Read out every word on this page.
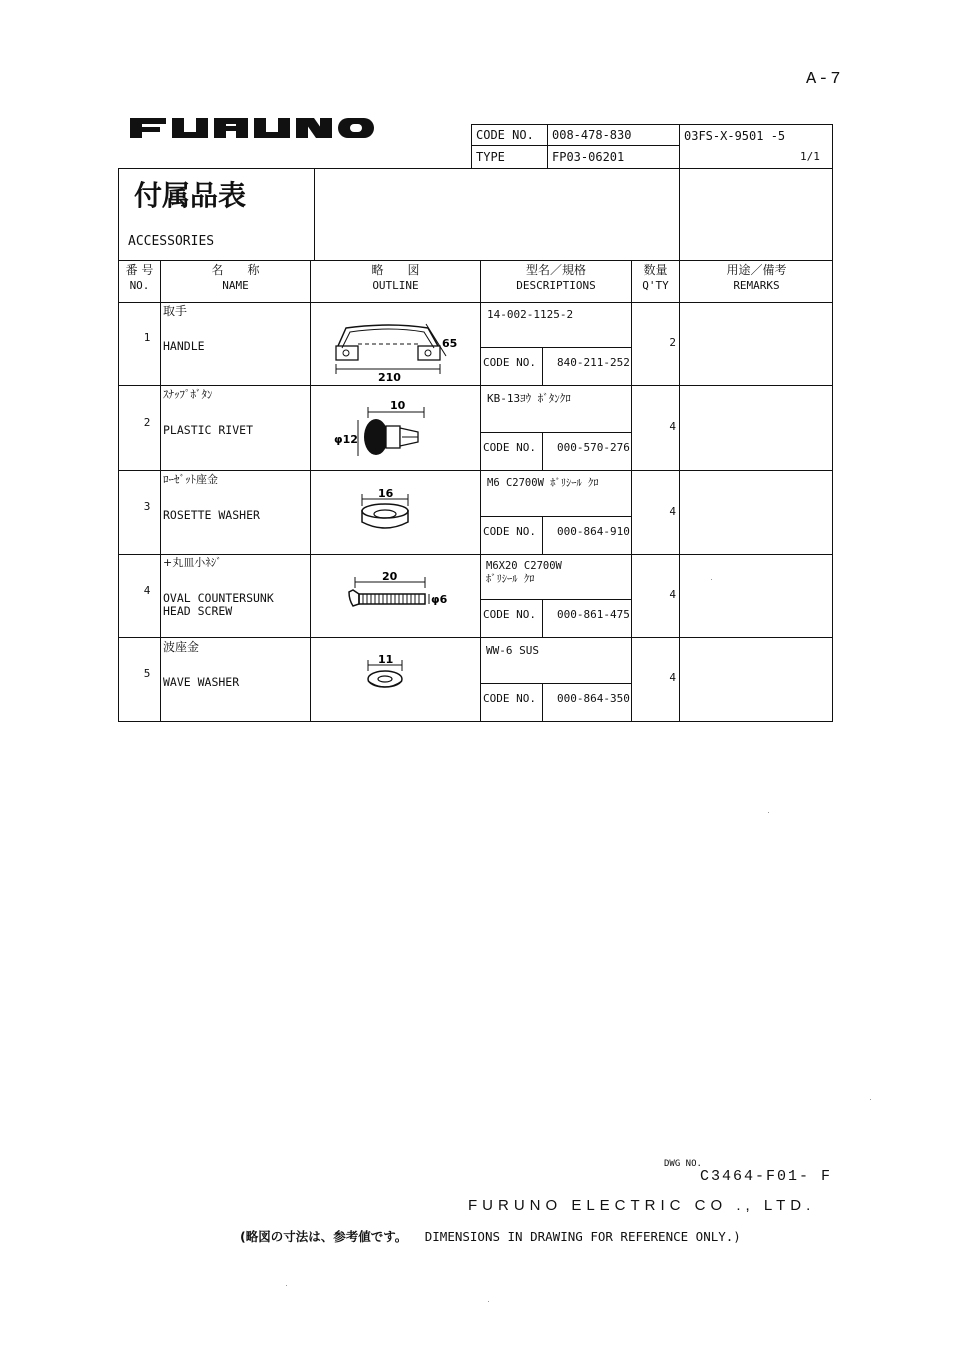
A-7
CODE NO.	008-478-830
TYPE	FP03-06201
03FS-X-9501 -5
1/1
付属品表
ACCESSORIES
番 号
NO.
名　　称
NAME
略　　図
OUTLINE
型名／規格
DESCRIPTIONS
数量
Q'TY
用途／備考
REMARKS
1
取手
HANDLE
14-002-1125-2
CODE NO. 840-211-252
2
65
210
2
ｽﾅｯﾌﾟﾎﾞﾀﾝ
PLASTIC RIVET
KB-13ﾖｳ ﾎﾞﾀﾝｸﾛ
CODE NO. 000-570-276
4
10
φ12
3
ﾛｰｾﾞｯﾄ座金
ROSETTE WASHER
M6 C2700W ﾎﾞﾘｼｰﾙ ｸﾛ
CODE NO. 000-864-910
4
16
4
+丸皿小ﾈｼﾞ
OVAL COUNTERSUNK
HEAD SCREW
M6X20 C2700W
ﾎﾞﾘｼｰﾙ ｸﾛ
CODE NO. 000-861-475
4
20
φ6
5
波座金
WAVE WASHER
WW-6 SUS
CODE NO. 000-864-350
4
11
DWG NO.
C3464-F01- F
FURUNO ELECTRIC CO ., LTD.
(略図の寸法は、参考値です。 DIMENSIONS IN DRAWING FOR REFERENCE ONLY.)
